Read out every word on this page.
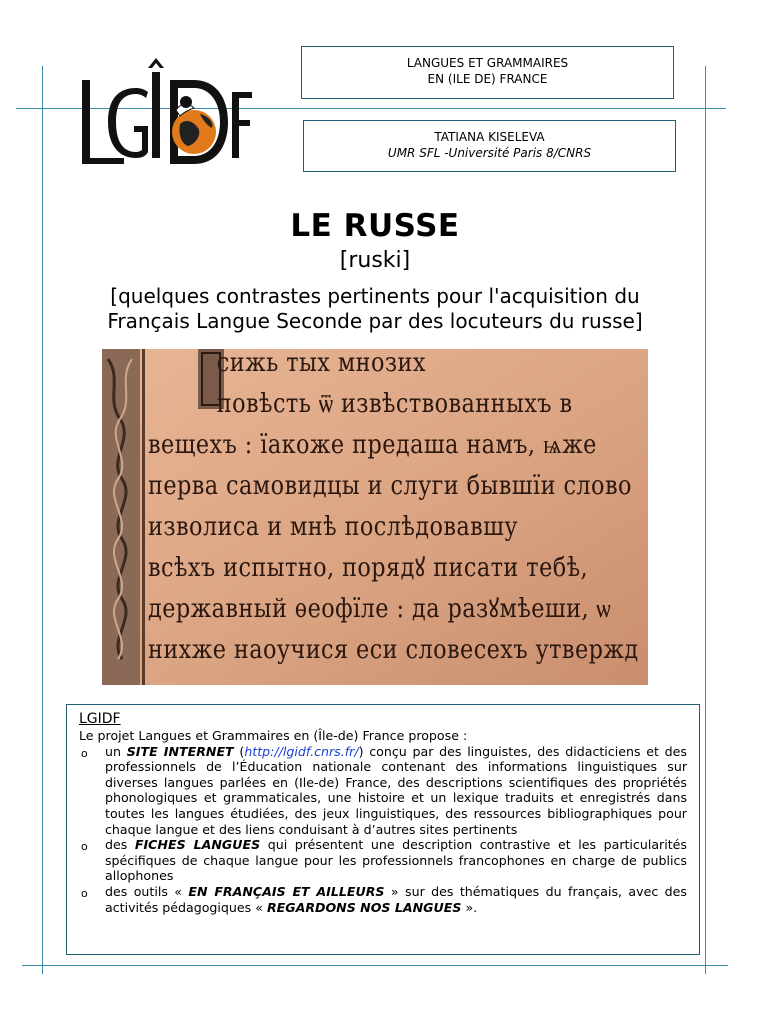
LANGUES ET GRAMMAIRES
EN (ILE DE) FRANCE
TATIANA KISELEVA
UMR SFL -Université Paris 8/CNRS
LE RUSSE
[ruski]
[quelques contrastes pertinents pour l'acquisition du
Français Langue Seconde par des locuteurs du russe]
сижь тых мнозих
повѣсть ѿ извѣствованныхъ в
вещехъ : їакоже предаша намъ, ѩже
перва самовидцы и слуги бывшїи слово
изволиса и мнѣ послѣдовавшу
всѣхъ испытно, порядꙋ писати тебѣ,
державный ѳеофїле : да разꙋмѣеши, ѡ
нихже наоучися еси словесехъ утвержд
LGIDF
Le projet Langues et Grammaires en (Île-de) France propose :
o un SITE INTERNET (http://lgidf.cnrs.fr/) conçu par des linguistes, des didacticiens et des professionnels de l’Éducation nationale contenant des informations linguistiques sur diverses langues parlées en (Ile-de) France, des descriptions scientifiques des propriétés phonologiques et grammaticales, une histoire et un lexique traduits et enregistrés dans toutes les langues étudiées, des jeux linguistiques, des ressources bibliographiques pour chaque langue et des liens conduisant à d’autres sites pertinents
o des FICHES LANGUES qui présentent une description contrastive et les particularités spécifiques de chaque langue pour les professionnels francophones en charge de publics allophones
o des outils « EN FRANÇAIS ET AILLEURS » sur des thématiques du français, avec des activités pédagogiques « REGARDONS NOS LANGUES ».
